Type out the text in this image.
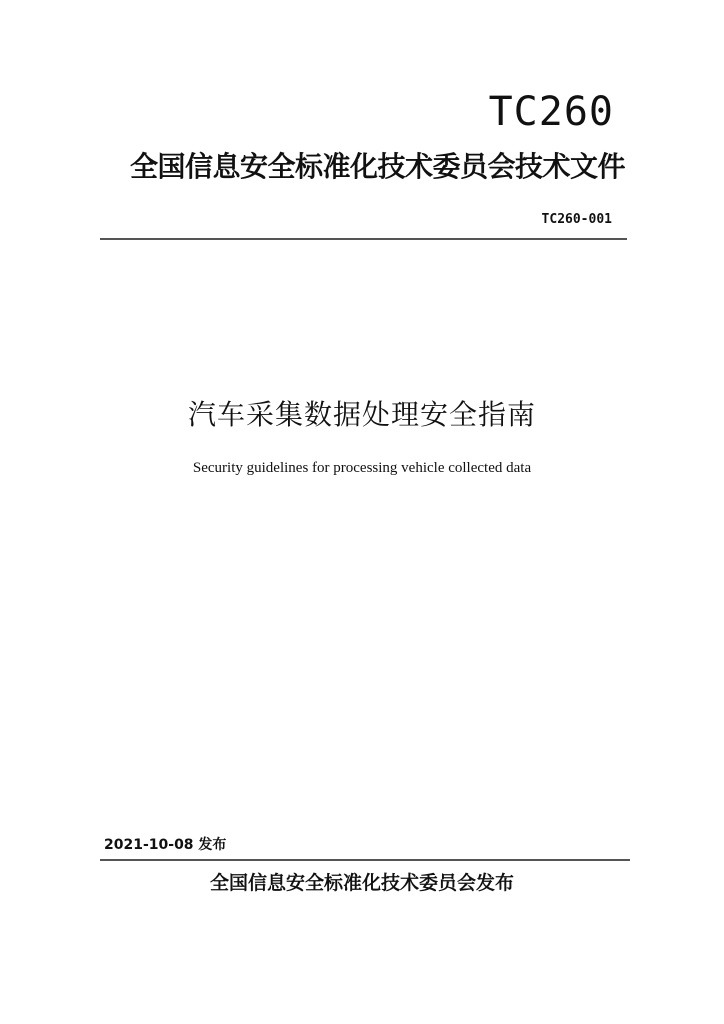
TC260
全国信息安全标准化技术委员会技术文件
TC260-001
汽车采集数据处理安全指南
Security guidelines for processing vehicle collected data
2021-10-08 发布
全国信息安全标准化技术委员会发布
